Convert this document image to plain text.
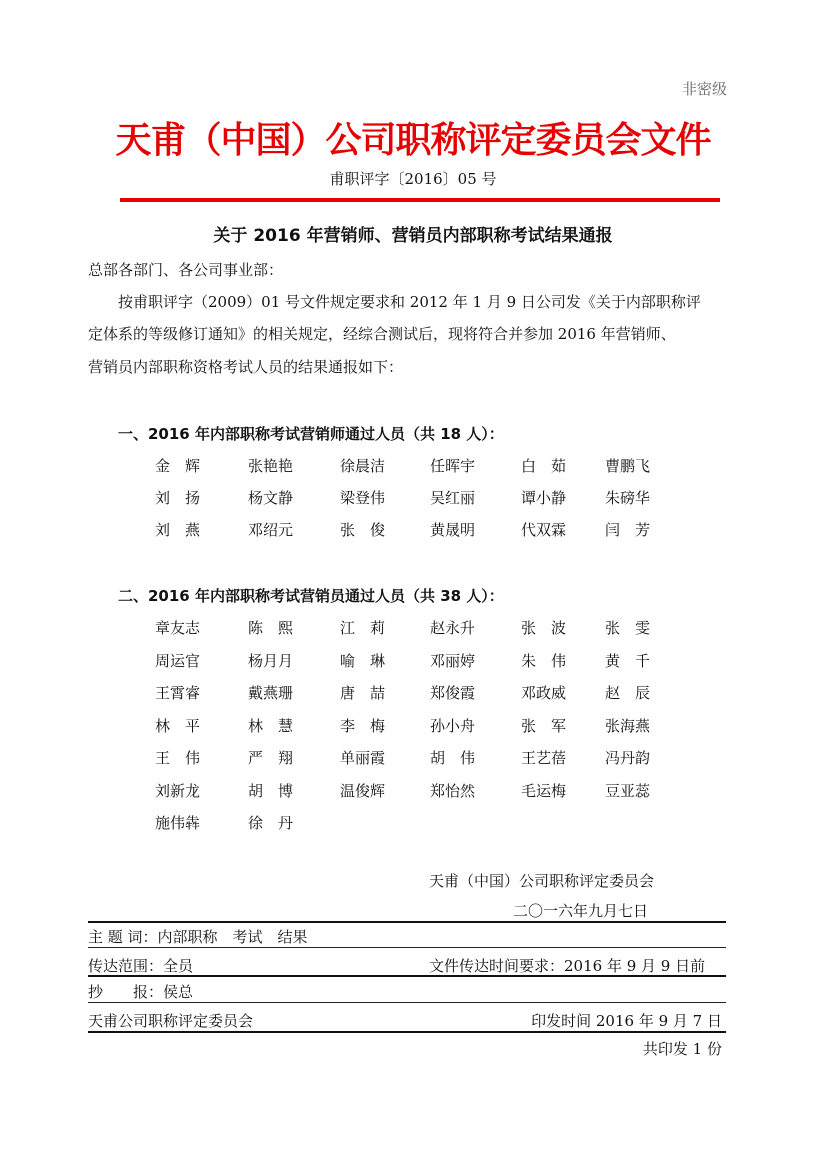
非密级
天甫（中国）公司职称评定委员会文件
甫职评字〔2016〕05 号
关于 2016 年营销师、营销员内部职称考试结果通报
总部各部门、各公司事业部：
按甫职评字（2009）01 号文件规定要求和 2012 年 1 月 9 日公司发《关于内部职称评
定体系的等级修订通知》的相关规定，经综合测试后，现将符合并参加 2016 年营销师、
营销员内部职称资格考试人员的结果通报如下：
一、2016 年内部职称考试营销师通过人员（共 18 人）：
金　辉	张艳艳	徐晨洁	任晖宇	白　茹	曹鹏飞
刘　扬	杨文静	梁登伟	吴红丽	谭小静	朱磅华
刘　燕	邓绍元	张　俊	黄晟明	代双霖	闫　芳
二、2016 年内部职称考试营销员通过人员（共 38 人）：
章友志	陈　熙	江　莉	赵永升	张　波	张　雯
周运官	杨月月	喻　琳	邓丽婷	朱　伟	黄　千
王霄睿	戴燕珊	唐　喆	郑俊霞	邓政威	赵　辰
林　平	林　慧	李　梅	孙小舟	张　军	张海燕
王　伟	严　翔	单丽霞	胡　伟	王艺蓓	冯丹韵
刘新龙	胡　博	温俊辉	郑怡然	毛运梅	豆亚蕊
施伟犇	徐　丹
天甫（中国）公司职称评定委员会
二〇一六年九月七日
主 题 词：内部职称　考试　结果
传达范围：全员	文件传达时间要求：2016 年 9 月 9 日前
抄　　报：侯总
天甫公司职称评定委员会	印发时间 2016 年 9 月 7 日
共印发 1 份
